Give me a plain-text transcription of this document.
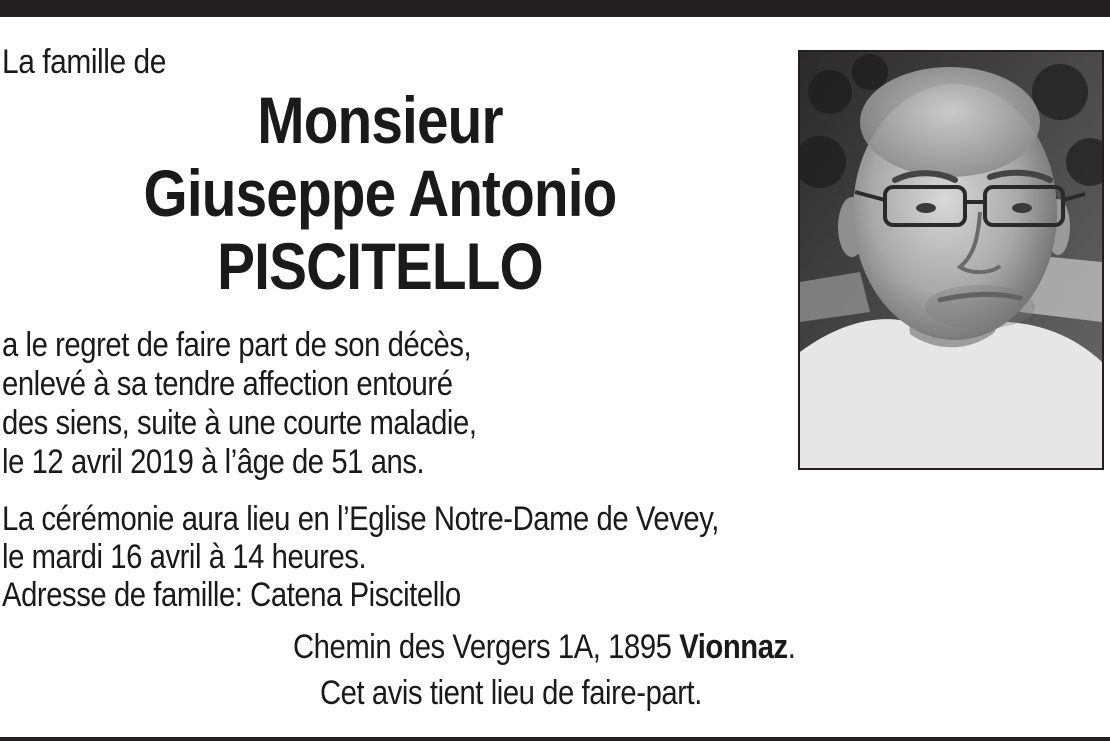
La famille de
Monsieur
Giuseppe Antonio
PISCITELLO
a le regret de faire part de son décès,
enlevé à sa tendre affection entouré
des siens, suite à une courte maladie,
le 12 avril 2019 à l’âge de 51 ans.
La cérémonie aura lieu en l’Eglise Notre-Dame de Vevey,
le mardi 16 avril à 14 heures.
Adresse de famille: Catena Piscitello
Chemin des Vergers 1A, 1895 Vionnaz.
Cet avis tient lieu de faire-part.
